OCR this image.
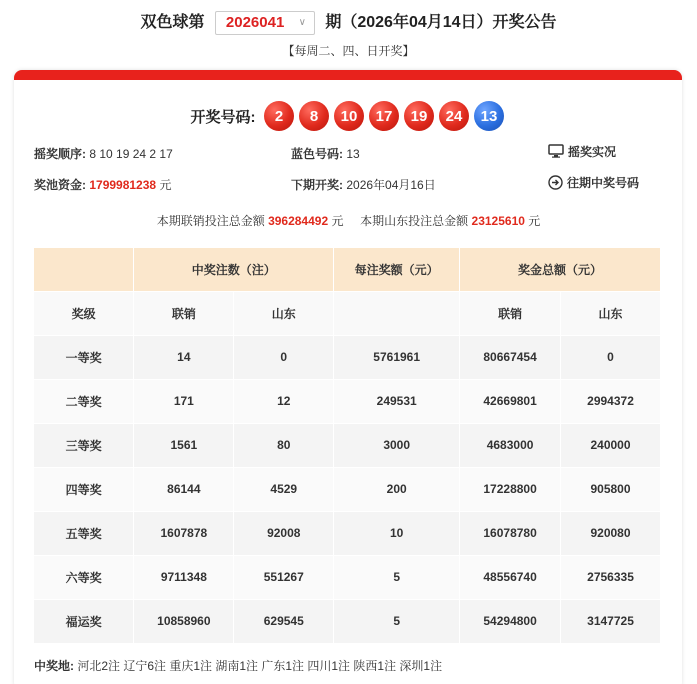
双色球第 2026041 ∨ 期（2026年04月14日）开奖公告
【每周二、四、日开奖】
开奖号码:	2	8	10	17	19	24	13
摇奖顺序: 8 10 19 24 2 17	蓝色号码: 13	摇奖实况
奖池资金: 1799981238 元	下期开奖: 2026年04月16日	往期中奖号码
本期联销投注总金额 396284492 元 本期山东投注总金额 23125610 元
	中奖注数（注）		每注奖额（元）	奖金总额（元）	
奖级	联销	山东		联销	山东
一等奖	14	0	5761961	80667454	0
二等奖	171	12	249531	42669801	2994372
三等奖	1561	80	3000	4683000	240000
四等奖	86144	4529	200	17228800	905800
五等奖	1607878	92008	10	16078780	920080
六等奖	9711348	551267	5	48556740	2756335
福运奖	10858960	629545	5	54294800	3147725
中奖地: 河北2注 辽宁6注 重庆1注 湖南1注 广东1注 四川1注 陕西1注 深圳1注
